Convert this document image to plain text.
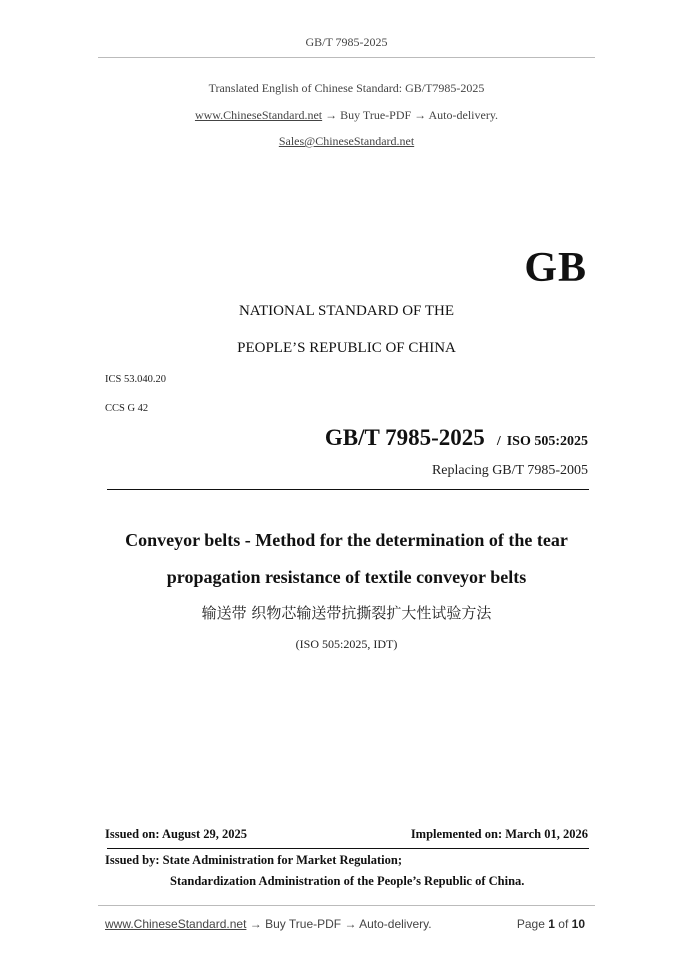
GB/T 7985-2025
Translated English of Chinese Standard: GB/T7985-2025
www.ChineseStandard.net → Buy True-PDF → Auto-delivery.
Sales@ChineseStandard.net
GB
NATIONAL STANDARD OF THE
PEOPLE’S REPUBLIC OF CHINA
ICS 53.040.20
CCS G 42
GB/T 7985-2025 / ISO 505:2025
Replacing GB/T 7985-2005
Conveyor belts - Method for the determination of the tear
propagation resistance of textile conveyor belts
输送带 织物芯输送带抗撕裂扩大性试验方法
(ISO 505:2025, IDT)
Issued on: August 29, 2025	Implemented on: March 01, 2026
Issued by: State Administration for Market Regulation;
Standardization Administration of the People’s Republic of China.
www.ChineseStandard.net → Buy True-PDF → Auto-delivery.	Page 1 of 10
